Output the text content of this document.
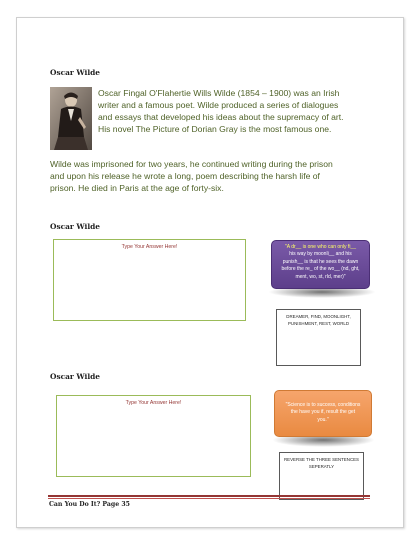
Oscar Wilde
Oscar Fingal O'Flahertie Wills Wilde (1854 – 1900) was an Irish
writer and a famous poet. Wilde produced a series of dialogues
and essays that developed his ideas about the supremacy of art.
His novel The Picture of Dorian Gray is the most famous one.
Wilde was imprisoned for two years, he continued writing during the prison
and upon his release he wrote a long, poem describing the harsh life of
prison. He died in Paris at the age of forty-six.
Oscar Wilde
Type Your Answer Here!	"A dr__ is one who can only fi__
his way by moonli__ and his
punish__ is that he sees the dawn
before the re_ of the wo__ (nd, ght,
ment, wo, st, rld, mer)"
DREAMER, FIND, MOONLIGHT,
PUNISHMENT, REST, WORLD
Oscar Wilde
Type Your Answer Here!	"Science is to success, conditions
the have you if, result the get
you."
REVERSE THE THREE SENTENCES
SEPERATLY
Can You Do It? Page 35
